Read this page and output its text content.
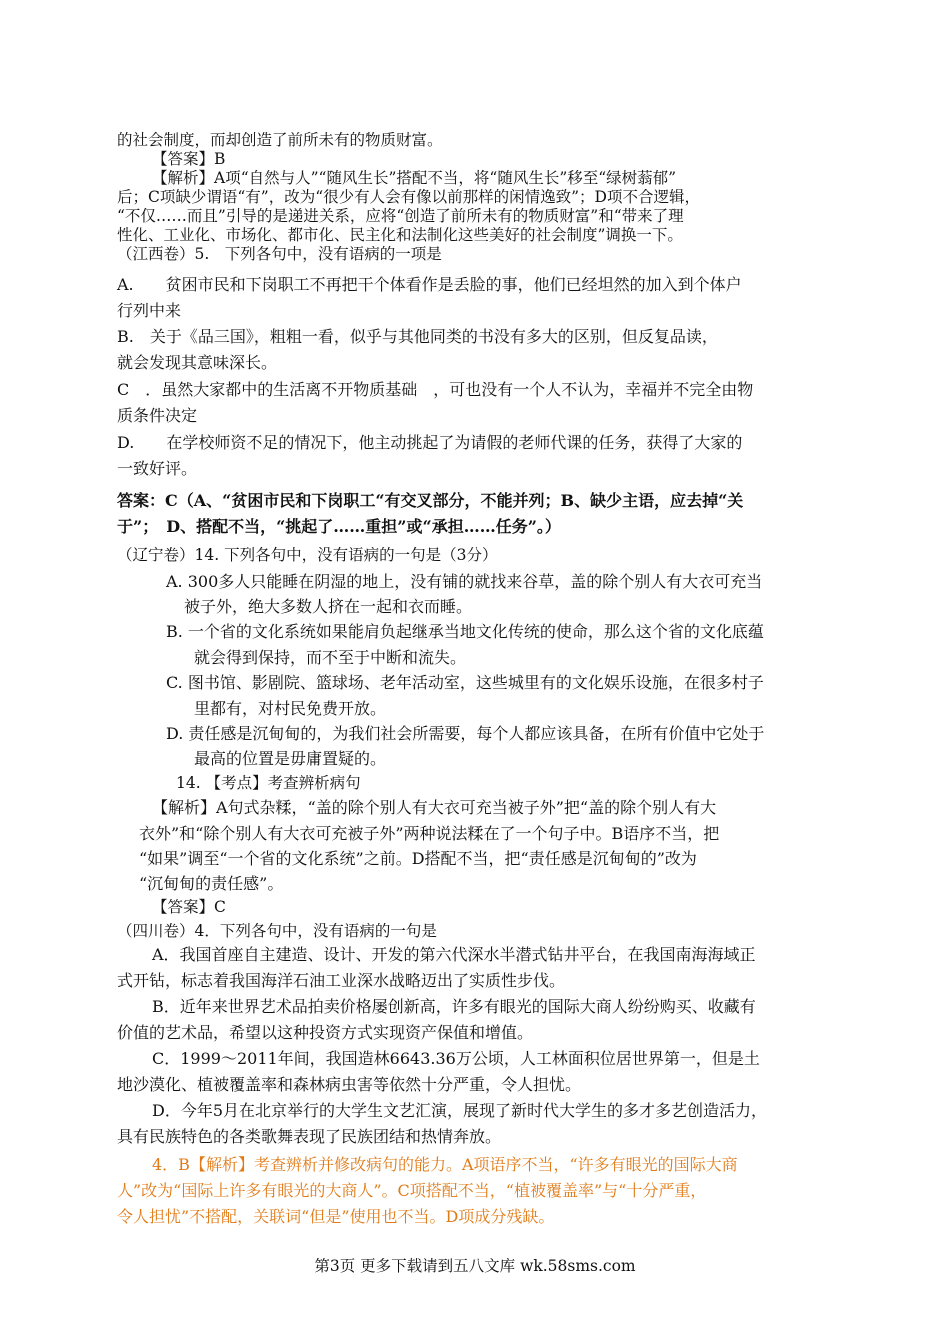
的社会制度，而却创造了前所未有的物质财富。
【答案】B
【解析】A项“自然与人”“随风生长”搭配不当，将“随风生长”移至“绿树蓊郁”
后；C项缺少谓语“有”，改为“很少有人会有像以前那样的闲情逸致”；D项不合逻辑，
“不仅……而且”引导的是递进关系，应将“创造了前所未有的物质财富”和“带来了理
性化、工业化、市场化、都市化、民主化和法制化这些美好的社会制度”调换一下。
（江西卷）5.　下列各句中，没有语病的一项是
A.　　贫困市民和下岗职工不再把干个体看作是丢脸的事，他们已经坦然的加入到个体户
行列中来
B.　关于《品三国》，粗粗一看，似乎与其他同类的书没有多大的区别，但反复品读，
就会发现其意味深长。
C　．虽然大家都中的生活离不开物质基础　，可也没有一个人不认为，幸福并不完全由物
质条件决定
D.　　在学校师资不足的情况下，他主动挑起了为请假的老师代课的任务，获得了大家的
一致好评。
答案：C（A、“贫困市民和下岗职工“有交叉部分，不能并列；B、缺少主语，应去掉“关
于”；　D、搭配不当，“挑起了……重担”或“承担……任务”。）
（辽宁卷）14. 下列各句中，没有语病的一句是（3分）
A. 300多人只能睡在阴湿的地上，没有铺的就找来谷草，盖的除个别人有大衣可充当
被子外，绝大多数人挤在一起和衣而睡。
B. 一个省的文化系统如果能肩负起继承当地文化传统的使命，那么这个省的文化底蕴
就会得到保持，而不至于中断和流失。
C. 图书馆、影剧院、篮球场、老年活动室，这些城里有的文化娱乐设施，在很多村子
里都有，对村民免费开放。
D. 责任感是沉甸甸的，为我们社会所需要，每个人都应该具备，在所有价值中它处于
最高的位置是毋庸置疑的。
14. 【考点】考查辨析病句
【解析】A句式杂糅，“盖的除个别人有大衣可充当被子外”把“盖的除个别人有大
衣外”和“除个别人有大衣可充被子外”两种说法糅在了一个句子中。B语序不当，把
“如果”调至“一个省的文化系统”之前。D搭配不当，把“责任感是沉甸甸的”改为
“沉甸甸的责任感”。
【答案】C
（四川卷）4．下列各句中，没有语病的一句是
A．我国首座自主建造、设计、开发的第六代深水半潜式钻井平台，在我国南海海域正
式开钻，标志着我国海洋石油工业深水战略迈出了实质性步伐。
B．近年来世界艺术品拍卖价格屡创新高，许多有眼光的国际大商人纷纷购买、收藏有
价值的艺术品，希望以这种投资方式实现资产保值和增值。
C．1999～2011年间，我国造林6643.36万公顷，人工林面积位居世界第一，但是土
地沙漠化、植被覆盖率和森林病虫害等依然十分严重，令人担忧。
D．今年5月在北京举行的大学生文艺汇演，展现了新时代大学生的多才多艺创造活力，
具有民族特色的各类歌舞表现了民族团结和热情奔放。
4．B【解析】考查辨析并修改病句的能力。A项语序不当，“许多有眼光的国际大商
人”改为“国际上许多有眼光的大商人”。C项搭配不当，“植被覆盖率”与“十分严重，
令人担忧”不搭配，关联词“但是”使用也不当。D项成分残缺。
第3页 更多下载请到五八文库 wk.58sms.com
